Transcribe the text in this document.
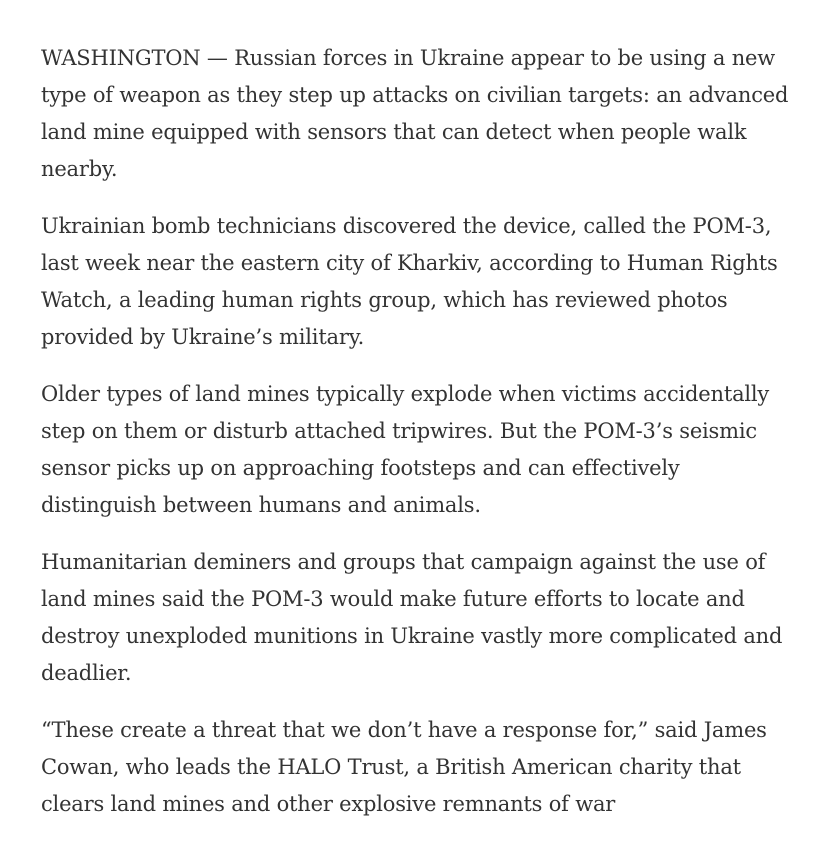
WASHINGTON — Russian forces in Ukraine appear to be using a new type of weapon as they step up attacks on civilian targets: an advanced land mine equipped with sensors that can detect when people walk nearby.

Ukrainian bomb technicians discovered the device, called the POM-3, last week near the eastern city of Kharkiv, according to Human Rights Watch, a leading human rights group, which has reviewed photos provided by Ukraine’s military.

Older types of land mines typically explode when victims accidentally step on them or disturb attached tripwires. But the POM-3’s seismic sensor picks up on approaching footsteps and can effectively distinguish between humans and animals.

Humanitarian deminers and groups that campaign against the use of land mines said the POM-3 would make future efforts to locate and destroy unexploded munitions in Ukraine vastly more complicated and deadlier.

“These create a threat that we don’t have a response for,” said James Cowan, who leads the HALO Trust, a British American charity that clears land mines and other explosive remnants of war
